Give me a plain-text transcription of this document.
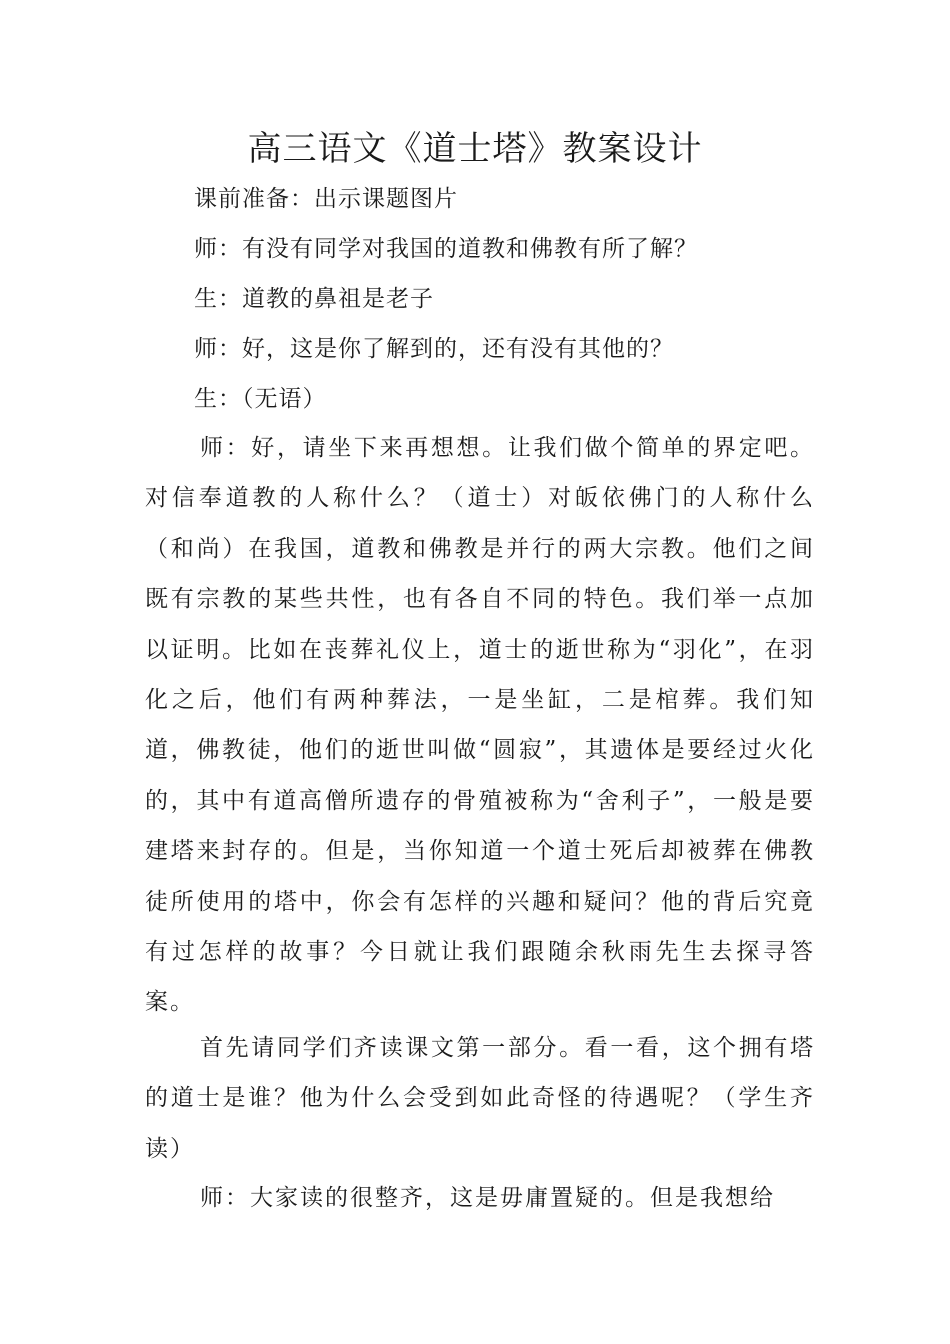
高三语文《道士塔》教案设计
课前准备：出示课题图片
师：有没有同学对我国的道教和佛教有所了解？
生：道教的鼻祖是老子
师：好，这是你了解到的，还有没有其他的？
生：（无语）

师：好，请坐下来再想想。让我们做个简单的界定吧。对信奉道教的人称什么？（道士）对皈依佛门的人称什么（和尚）在我国，道教和佛教是并行的两大宗教。他们之间既有宗教的某些共性，也有各自不同的特色。我们举一点加以证明。比如在丧葬礼仪上，道士的逝世称为“羽化”，在羽化之后，他们有两种葬法，一是坐缸，二是棺葬。我们知道，佛教徒，他们的逝世叫做“圆寂”，其遗体是要经过火化的，其中有道高僧所遗存的骨殖被称为“舍利子”，一般是要建塔来封存的。但是，当你知道一个道士死后却被葬在佛教徒所使用的塔中，你会有怎样的兴趣和疑问？他的背后究竟有过怎样的故事？今日就让我们跟随余秋雨先生去探寻答案。

首先请同学们齐读课文第一部分。看一看，这个拥有塔的道士是谁？他为什么会受到如此奇怪的待遇呢？（学生齐读）

师：大家读的很整齐，这是毋庸置疑的。但是我想给
